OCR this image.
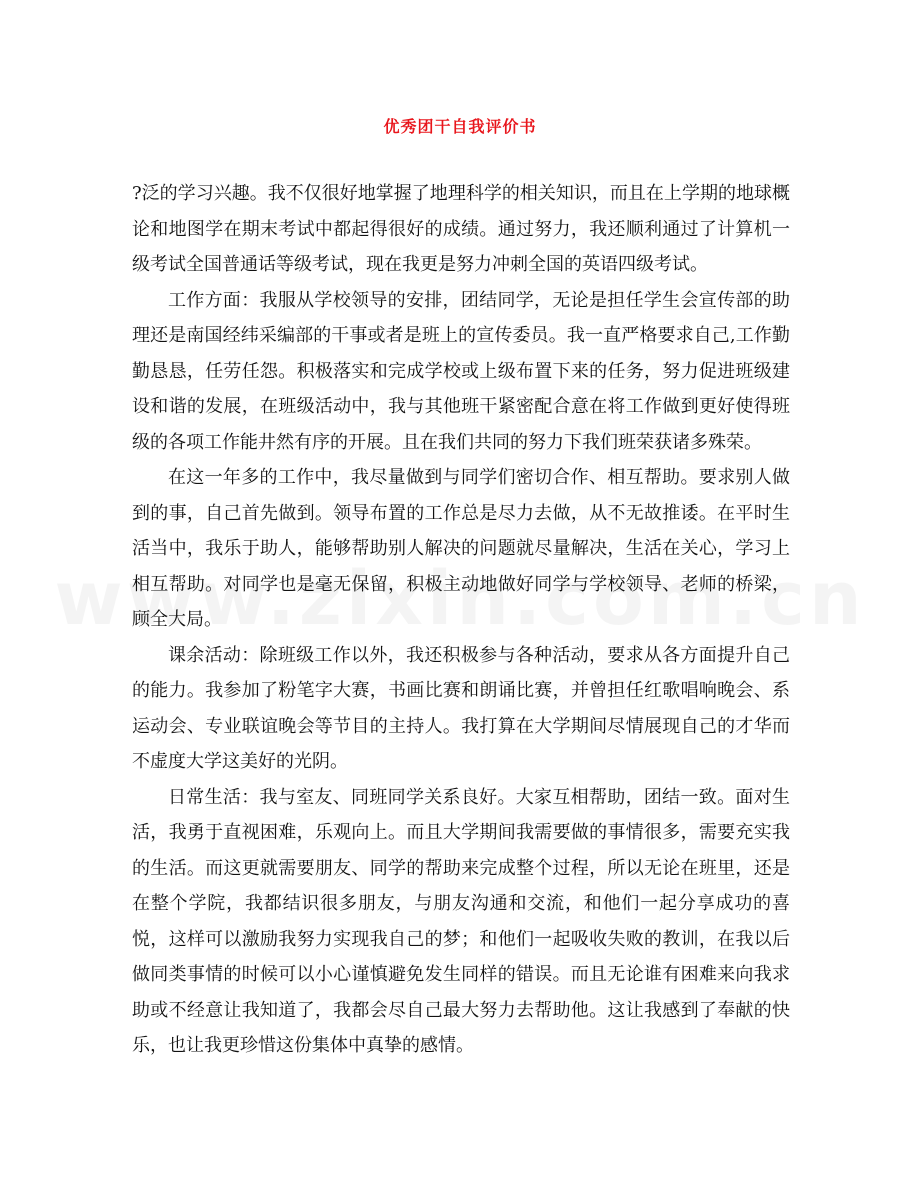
优秀团干自我评价书

?泛的学习兴趣。我不仅很好地掌握了地理科学的相关知识，而且在上学期的地球概论和地图学在期末考试中都起得很好的成绩。通过努力，我还顺利通过了计算机一级考试全国普通话等级考试，现在我更是努力冲刺全国的英语四级考试。

工作方面：我服从学校领导的安排，团结同学，无论是担任学生会宣传部的助理还是南国经纬采编部的干事或者是班上的宣传委员。我一直严格要求自己,工作勤勤恳恳，任劳任怨。积极落实和完成学校或上级布置下来的任务，努力促进班级建设和谐的发展，在班级活动中，我与其他班干紧密配合意在将工作做到更好使得班级的各项工作能井然有序的开展。且在我们共同的努力下我们班荣获诸多殊荣。

在这一年多的工作中，我尽量做到与同学们密切合作、相互帮助。要求别人做到的事，自己首先做到。领导布置的工作总是尽力去做，从不无故推诿。在平时生活当中，我乐于助人，能够帮助别人解决的问题就尽量解决，生活在关心，学习上相互帮助。对同学也是毫无保留，积极主动地做好同学与学校领导、老师的桥梁，顾全大局。

课余活动：除班级工作以外，我还积极参与各种活动，要求从各方面提升自己的能力。我参加了粉笔字大赛，书画比赛和朗诵比赛，并曾担任红歌唱响晚会、系运动会、专业联谊晚会等节目的主持人。我打算在大学期间尽情展现自己的才华而不虚度大学这美好的光阴。

日常生活：我与室友、同班同学关系良好。大家互相帮助，团结一致。面对生活，我勇于直视困难，乐观向上。而且大学期间我需要做的事情很多，需要充实我的生活。而这更就需要朋友、同学的帮助来完成整个过程，所以无论在班里，还是在整个学院，我都结识很多朋友，与朋友沟通和交流，和他们一起分享成功的喜悦，这样可以激励我努力实现我自己的梦；和他们一起吸收失败的教训，在我以后做同类事情的时候可以小心谨慎避免发生同样的错误。而且无论谁有困难来向我求助或不经意让我知道了，我都会尽自己最大努力去帮助他。这让我感到了奉献的快乐，也让我更珍惜这份集体中真挚的感情。
